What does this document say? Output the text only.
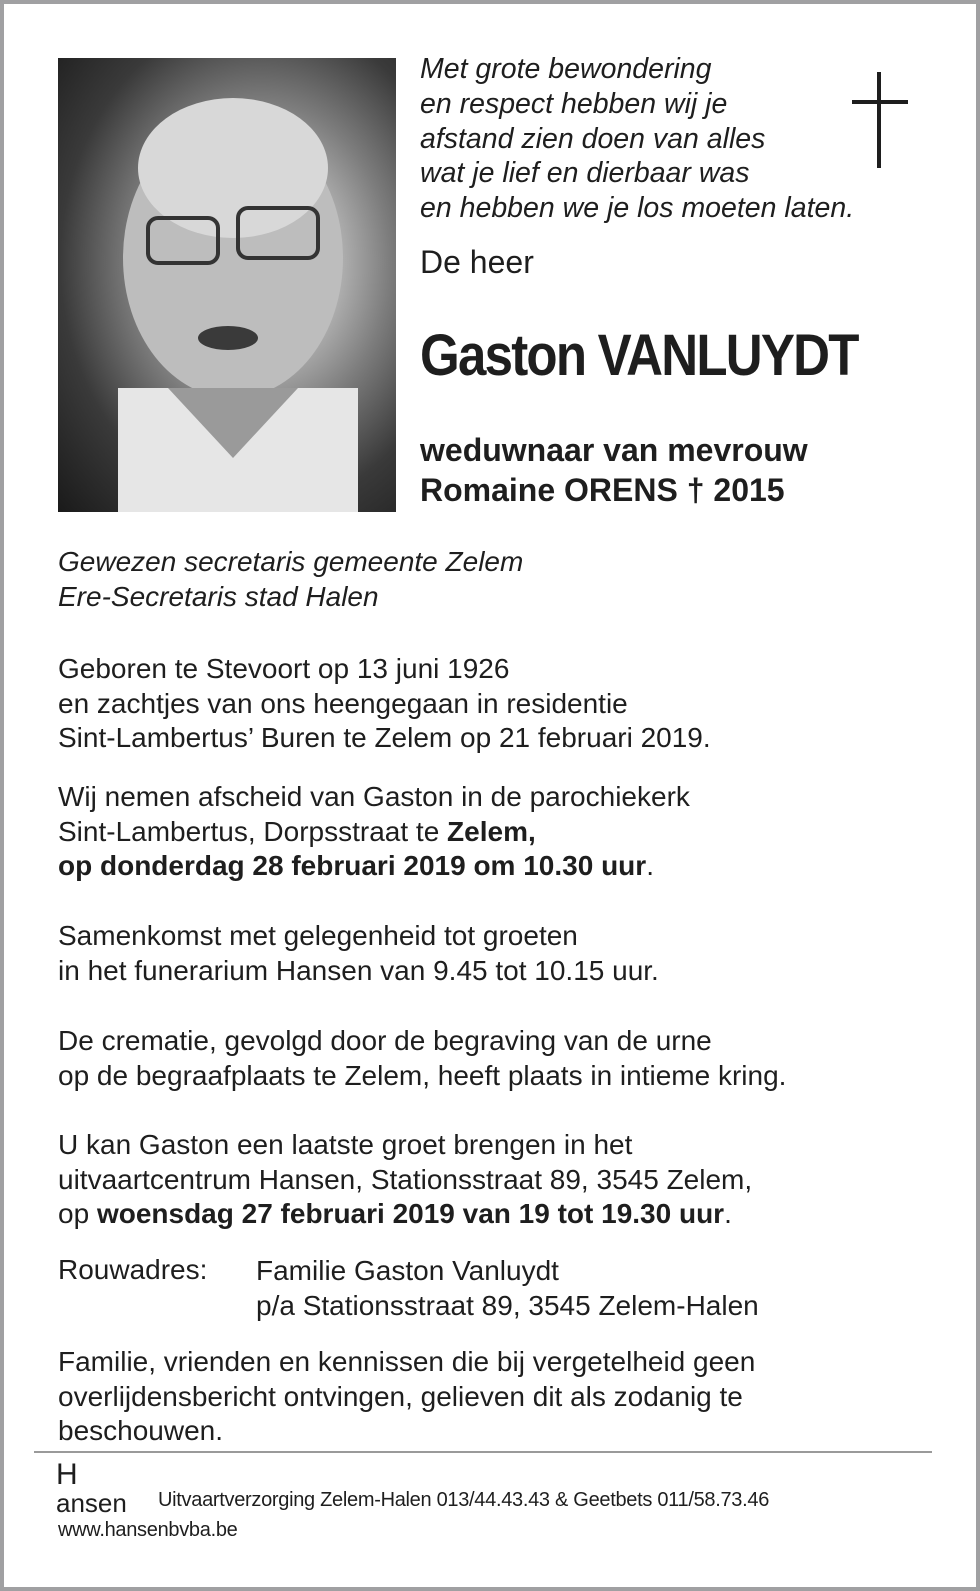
Met grote bewondering
en respect hebben wij je
afstand zien doen van alles
wat je lief en dierbaar was
en hebben we je los moeten laten.
De heer
Gaston VANLUYDT
weduwnaar van mevrouw
Romaine ORENS † 2015
Gewezen secretaris gemeente Zelem
Ere-Secretaris stad Halen
Geboren te Stevoort op 13 juni 1926
en zachtjes van ons heengegaan in residentie
Sint-Lambertus’ Buren te Zelem op 21 februari 2019.
Wij nemen afscheid van Gaston in de parochiekerk
Sint-Lambertus, Dorpsstraat te Zelem,
op donderdag 28 februari 2019 om 10.30 uur.
Samenkomst met gelegenheid tot groeten
in het funerarium Hansen van 9.45 tot 10.15 uur.
De crematie, gevolgd door de begraving van de urne
op de begraafplaats te Zelem, heeft plaats in intieme kring.
U kan Gaston een laatste groet brengen in het
uitvaartcentrum Hansen, Stationsstraat 89, 3545 Zelem,
op woensdag 27 februari 2019 van 19 tot 19.30 uur.
Rouwadres: Familie Gaston Vanluydt
p/a Stationsstraat 89, 3545 Zelem-Halen
Familie, vrienden en kennissen die bij vergetelheid geen
overlijdensbericht ontvingen, gelieven dit als zodanig te
beschouwen.
H
ansen Uitvaartverzorging Zelem-Halen 013/44.43.43 & Geetbets 011/58.73.46
www.hansenbvba.be
